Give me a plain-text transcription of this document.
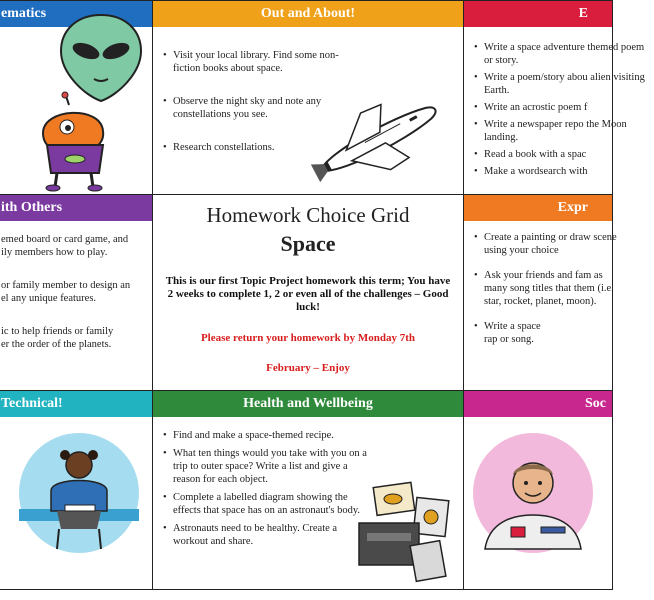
ematics	Out and About!
• Visit your local library. Find some non-fiction books about space.
• Observe the night sky and note any constellations you see.
• Research constellations.
E
• Write a space adventure themed poem or story.
• Write a poem/story abou alien visiting Earth.
• Write an acrostic poem f
• Write a newspaper repo the Moon landing.
• Read a book with a spac
• Make a wordsearch with
ith Others
emed board or card game, and
ily members how to play.
or family member to design an
el any unique features.
ic to help friends or family
er the order of the planets.
Homework Choice Grid
Space
This is our first Topic Project homework this term; You have 2 weeks to complete 1, 2 or even all of the challenges – Good luck!
Please return your homework by Monday 7th
February – Enjoy
Expr
• Create a painting or draw scene using your choice
• Ask your friends and fam as many song titles that them (i.e. star, rocket, planet, moon).
• Write a space rap or song.
Technical!	Health and Wellbeing
• Find and make a space-themed recipe.
• What ten things would you take with you on a trip to outer space? Write a list and give a reason for each object.
• Complete a labelled diagram showing the effects that space has on an astronaut's body.
• Astronauts need to be healthy. Create a workout and share.
Soc
